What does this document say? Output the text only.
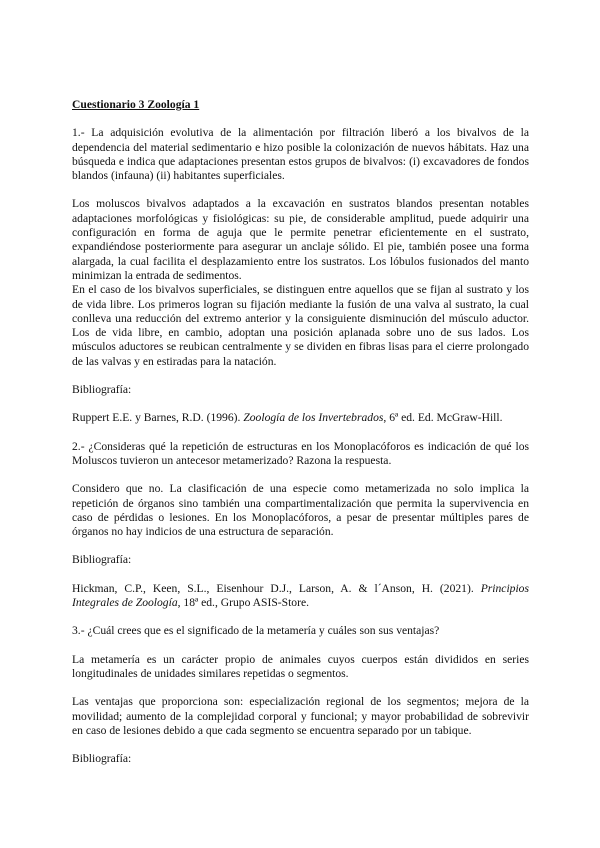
Cuestionario 3 Zoología 1

1.- La adquisición evolutiva de la alimentación por filtración liberó a los bivalvos de la dependencia del material sedimentario e hizo posible la colonización de nuevos hábitats. Haz una búsqueda e indica que adaptaciones presentan estos grupos de bivalvos: (i) excavadores de fondos blandos (infauna) (ii) habitantes superficiales.

Los moluscos bivalvos adaptados a la excavación en sustratos blandos presentan notables adaptaciones morfológicas y fisiológicas: su pie, de considerable amplitud, puede adquirir una configuración en forma de aguja que le permite penetrar eficientemente en el sustrato, expandiéndose posteriormente para asegurar un anclaje sólido. El pie, también posee una forma alargada, la cual facilita el desplazamiento entre los sustratos. Los lóbulos fusionados del manto minimizan la entrada de sedimentos.

En el caso de los bivalvos superficiales, se distinguen entre aquellos que se fijan al sustrato y los de vida libre. Los primeros logran su fijación mediante la fusión de una valva al sustrato, la cual conlleva una reducción del extremo anterior y la consiguiente disminución del músculo aductor. Los de vida libre, en cambio, adoptan una posición aplanada sobre uno de sus lados. Los músculos aductores se reubican centralmente y se dividen en fibras lisas para el cierre prolongado de las valvas y en estiradas para la natación.

Bibliografía:

Ruppert E.E. y Barnes, R.D. (1996). Zoología de los Invertebrados, 6ª ed. Ed. McGraw-Hill.

2.- ¿Consideras qué la repetición de estructuras en los Monoplacóforos es indicación de qué los Moluscos tuvieron un antecesor metamerizado? Razona la respuesta.

Considero que no. La clasificación de una especie como metamerizada no solo implica la repetición de órganos sino también una compartimentalización que permita la supervivencia en caso de pérdidas o lesiones. En los Monoplacóforos, a pesar de presentar múltiples pares de órganos no hay indicios de una estructura de separación.

Bibliografía:

Hickman, C.P., Keen, S.L., Eisenhour D.J., Larson, A. & l´Anson, H. (2021). Principios Integrales de Zoología, 18ª ed., Grupo ASIS-Store.

3.- ¿Cuál crees que es el significado de la metamería y cuáles son sus ventajas?

La metamería es un carácter propio de animales cuyos cuerpos están divididos en series longitudinales de unidades similares repetidas o segmentos.

Las ventajas que proporciona son: especialización regional de los segmentos; mejora de la movilidad; aumento de la complejidad corporal y funcional; y mayor probabilidad de sobrevivir en caso de lesiones debido a que cada segmento se encuentra separado por un tabique.

Bibliografía:
